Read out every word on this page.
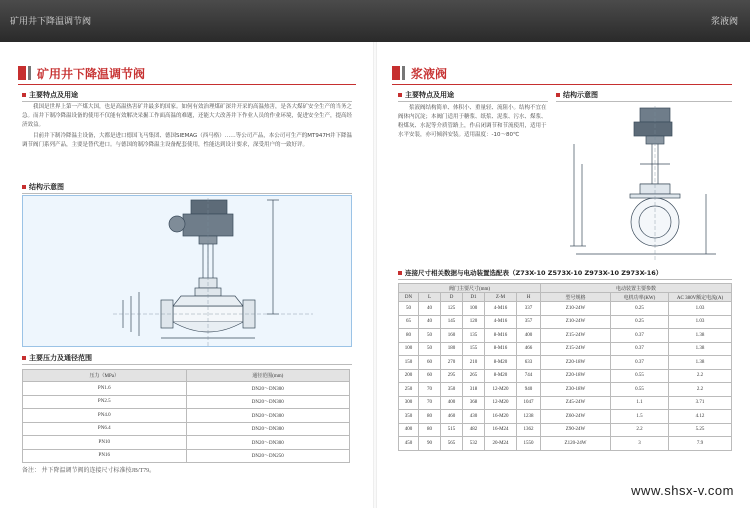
矿用井下降温调节阀	浆液阀
矿用井下降温调节阀
主要特点及用途

我国是世界上第一产煤大国，也是高温热害矿井最多的国家。如何有效治理煤矿深井开采的高温热害，是各大煤矿安全生产的当务之急。而井下制冷降温设备的使用不仅能有效解决采掘工作面高温的难题，还能大大改善井下作业人员的作业环境，促进安全生产，提高经济效益。

目前井下制冷降温主设备，大都是进口德国飞马集团、德国SIEMAG（西马格）……等公司产品，本公司可生产的MT947H井下降温调节阀门系列产品，主要是替代进口。与德国的制冷降温主设备配套使用，性能达到设计要求，深受用户的一致好评。

结构示意图
主要压力及通径范围
压力（MPa）	通径范围(mm)
PN1.6	DN20～DN300
PN2.5	DN20～DN300
PN4.0	DN20～DN300
PN6.4	DN20～DN300
PN10	DN20～DN300
PN16	DN20～DN250
备注： 井下降温调节阀的连接尺寸标准按JB/T79。
浆液阀
主要特点及用途

浆液阀结构简单、体积小、重量轻、流阻小。结构不宜在阀体内沉淀；本阀门适用于糖浆、纸浆、泥浆、污水、煤浆、粉煤灰、水泥等介质管路上，作启闭调节和节流使用，适用于水平安装，亦可倾斜安装。适用温度：-10～80℃

结构示意图
连接尺寸相关数据与电动装置选配表（Z73X-10 Z573X-10 Z973X-10 Z973X-16）
阀门主要尺寸(mm)						电动装置主要参数		
DN	L	D	D1	Z-M	H	型号规格	电机功率(KW)	AC 380V额定电流(A)
50	40	125	100	4-M16	337	Z10-24W	0.25	1.03
65	40	145	120	4-M16	357	Z10-24W	0.25	1.03
80	50	160	135	8-M16	400	Z15-24W	0.37	1.38
100	50	180	155	8-M16	466	Z15-24W	0.37	1.38
150	60	270	210	8-M20	633	Z20-18W	0.37	1.38
200	60	295	265	8-M20	744	Z20-18W	0.55	2.2
250	70	350	318	12-M20	940	Z30-18W	0.55	2.2
300	70	400	368	12-M20	1047	Z45-24W	1.1	3.71
350	80	460	430	16-M20	1238	Z60-24W	1.5	4.12
400	80	515	482	16-M24	1362	Z90-24W	2.2	5.25
450	90	565	532	20-M24	1550	Z120-24W	3	7.9
www.shsx-v.com
